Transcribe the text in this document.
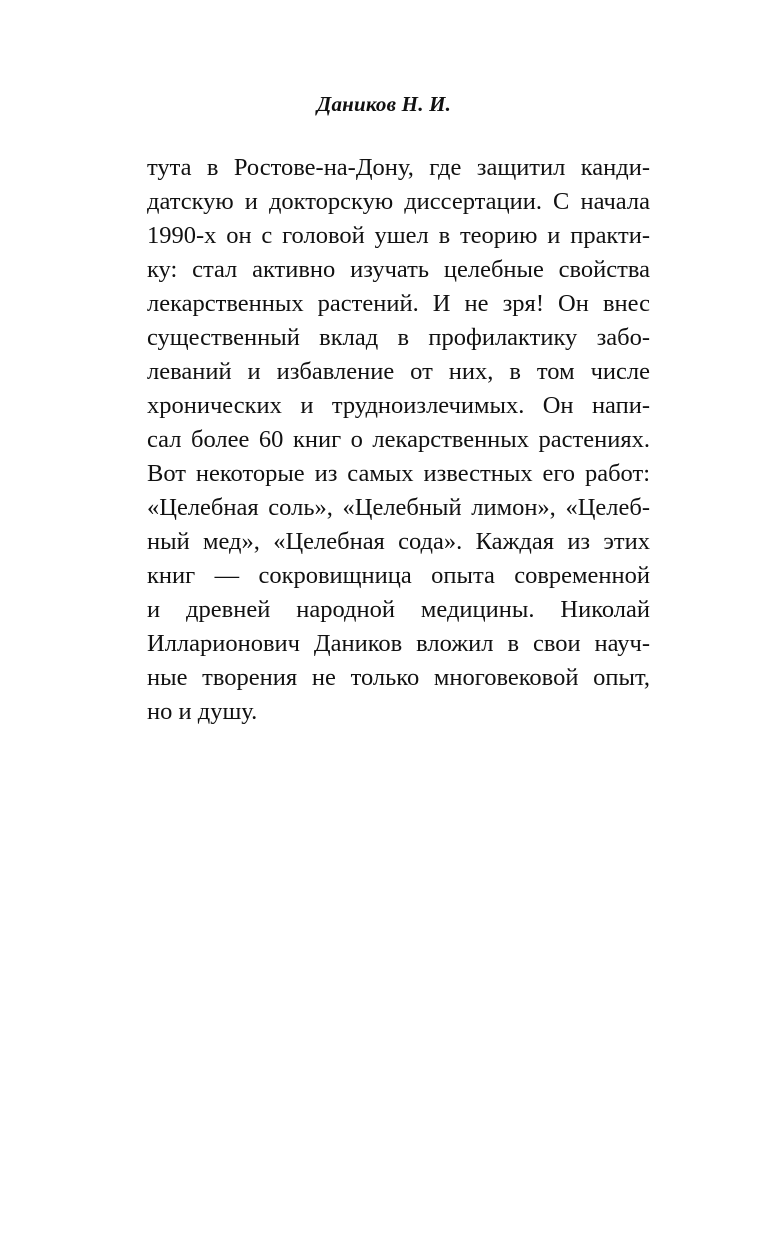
Даников Н. И.
тута в Ростове-на-Дону, где защитил канди-
датскую и докторскую диссертации. С начала
1990-х он с головой ушел в теорию и практи-
ку: стал активно изучать целебные свойства
лекарственных растений. И не зря! Он внес
существенный вклад в профилактику забо-
леваний и избавление от них, в том числе
хронических и трудноизлечимых. Он напи-
сал более 60 книг о лекарственных растениях.
Вот некоторые из самых известных его работ:
«Целебная соль», «Целебный лимон», «Целеб-
ный мед», «Целебная сода». Каждая из этих
книг — сокровищница опыта современной
и древней народной медицины. Николай
Илларионович Даников вложил в свои науч-
ные творения не только многовековой опыт,
но и душу.
